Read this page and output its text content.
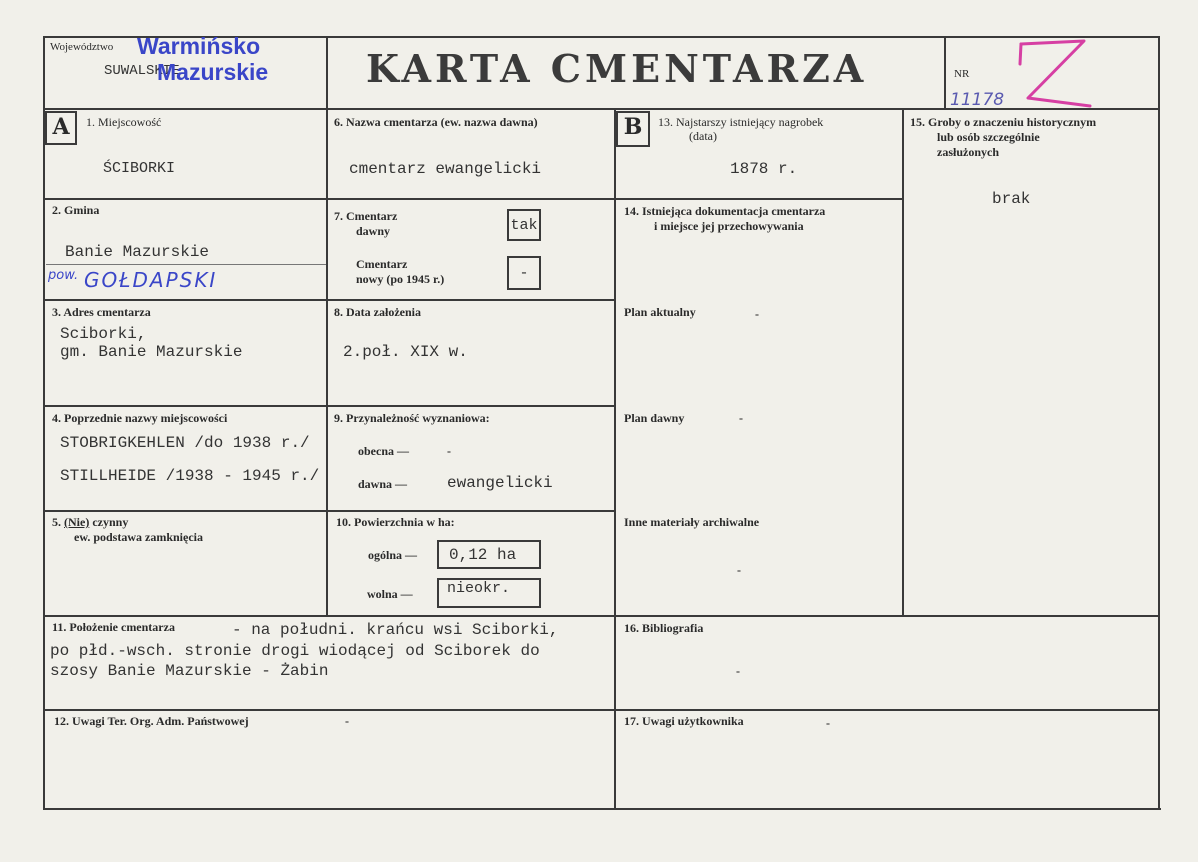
Województwo
SUWALSKIE
Warmińsko
Mazurskie	KARTA CMENTARZA	NR
11178
A	B
1. Miejscowość
ŚCIBORKI
2. Gmina
Banie Mazurskie
pow. GOŁDAPSKI
3. Adres cmentarza
Sciborki,
gm. Banie Mazurskie
4. Poprzednie nazwy miejscowości
STOBRIGKEHLEN /do 1938 r./
STILLHEIDE /1938 - 1945 r./
5. (Nie) czynny
ew. podstawa zamknięcia
6. Nazwa cmentarza (ew. nazwa dawna)
cmentarz ewangelicki
7. Cmentarz
dawny	tak
Cmentarz
nowy (po 1945 r.)	-
8. Data założenia
2.poł. XIX w.
9. Przynależność wyznaniowa:
obecna —	-
dawna — ewangelicki
10. Powierzchnia w ha:
ogólna — 0,12 ha
wolna — nieokr.
11. Położenie cmentarza	- na południ. krańcu wsi Sciborki,
po płd.-wsch. stronie drogi wiodącej od Sciborek do
szosy Banie Mazurskie - Żabin
12. Uwagi Ter. Org. Adm. Państwowej	-
13. Najstarszy istniejący nagrobek
(data)
1878 r.
14. Istniejąca dokumentacja cmentarza
i miejsce jej przechowywania
Plan aktualny	-
Plan dawny	-
Inne materiały archiwalne
-
15. Groby o znaczeniu historycznym
lub osób szczególnie
zasłużonych
brak
16. Bibliografia
-
17. Uwagi użytkownika	-
